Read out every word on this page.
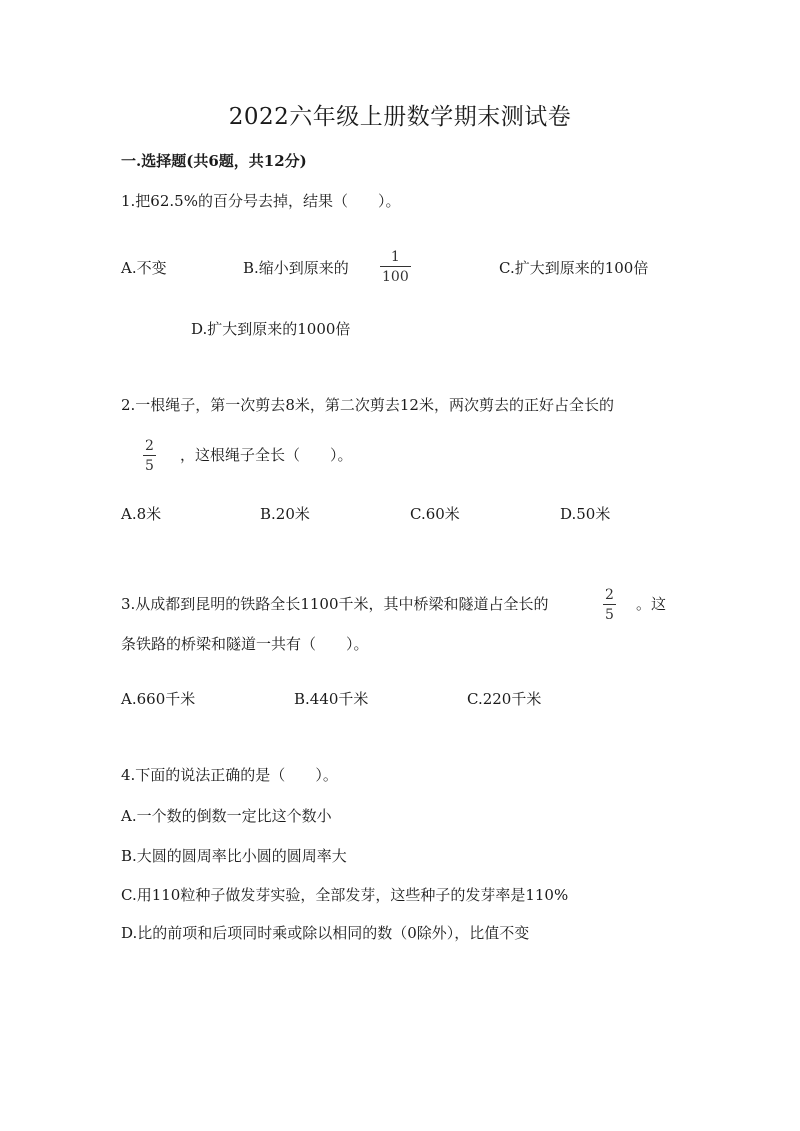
2022六年级上册数学期末测试卷
一.选择题(共6题，共12分)
1.把62.5%的百分号去掉，结果（　　）。
A.不变	B.缩小到原来的
1
100	C.扩大到原来的100倍
D.扩大到原来的1000倍
2.一根绳子，第一次剪去8米，第二次剪去12米，两次剪去的正好占全长的
2
5
，这根绳子全长（　　）。
A.8米	B.20米	C.60米	D.50米
3.从成都到昆明的铁路全长1100千米，其中桥梁和隧道占全长的	2
5
。这
条铁路的桥梁和隧道一共有（　　）。
A.660千米	B.440千米	C.220千米
4.下面的说法正确的是（　　）。
A.一个数的倒数一定比这个数小
B.大圆的圆周率比小圆的圆周率大
C.用110粒种子做发芽实验，全部发芽，这些种子的发芽率是110%
D.比的前项和后项同时乘或除以相同的数（0除外），比值不变
